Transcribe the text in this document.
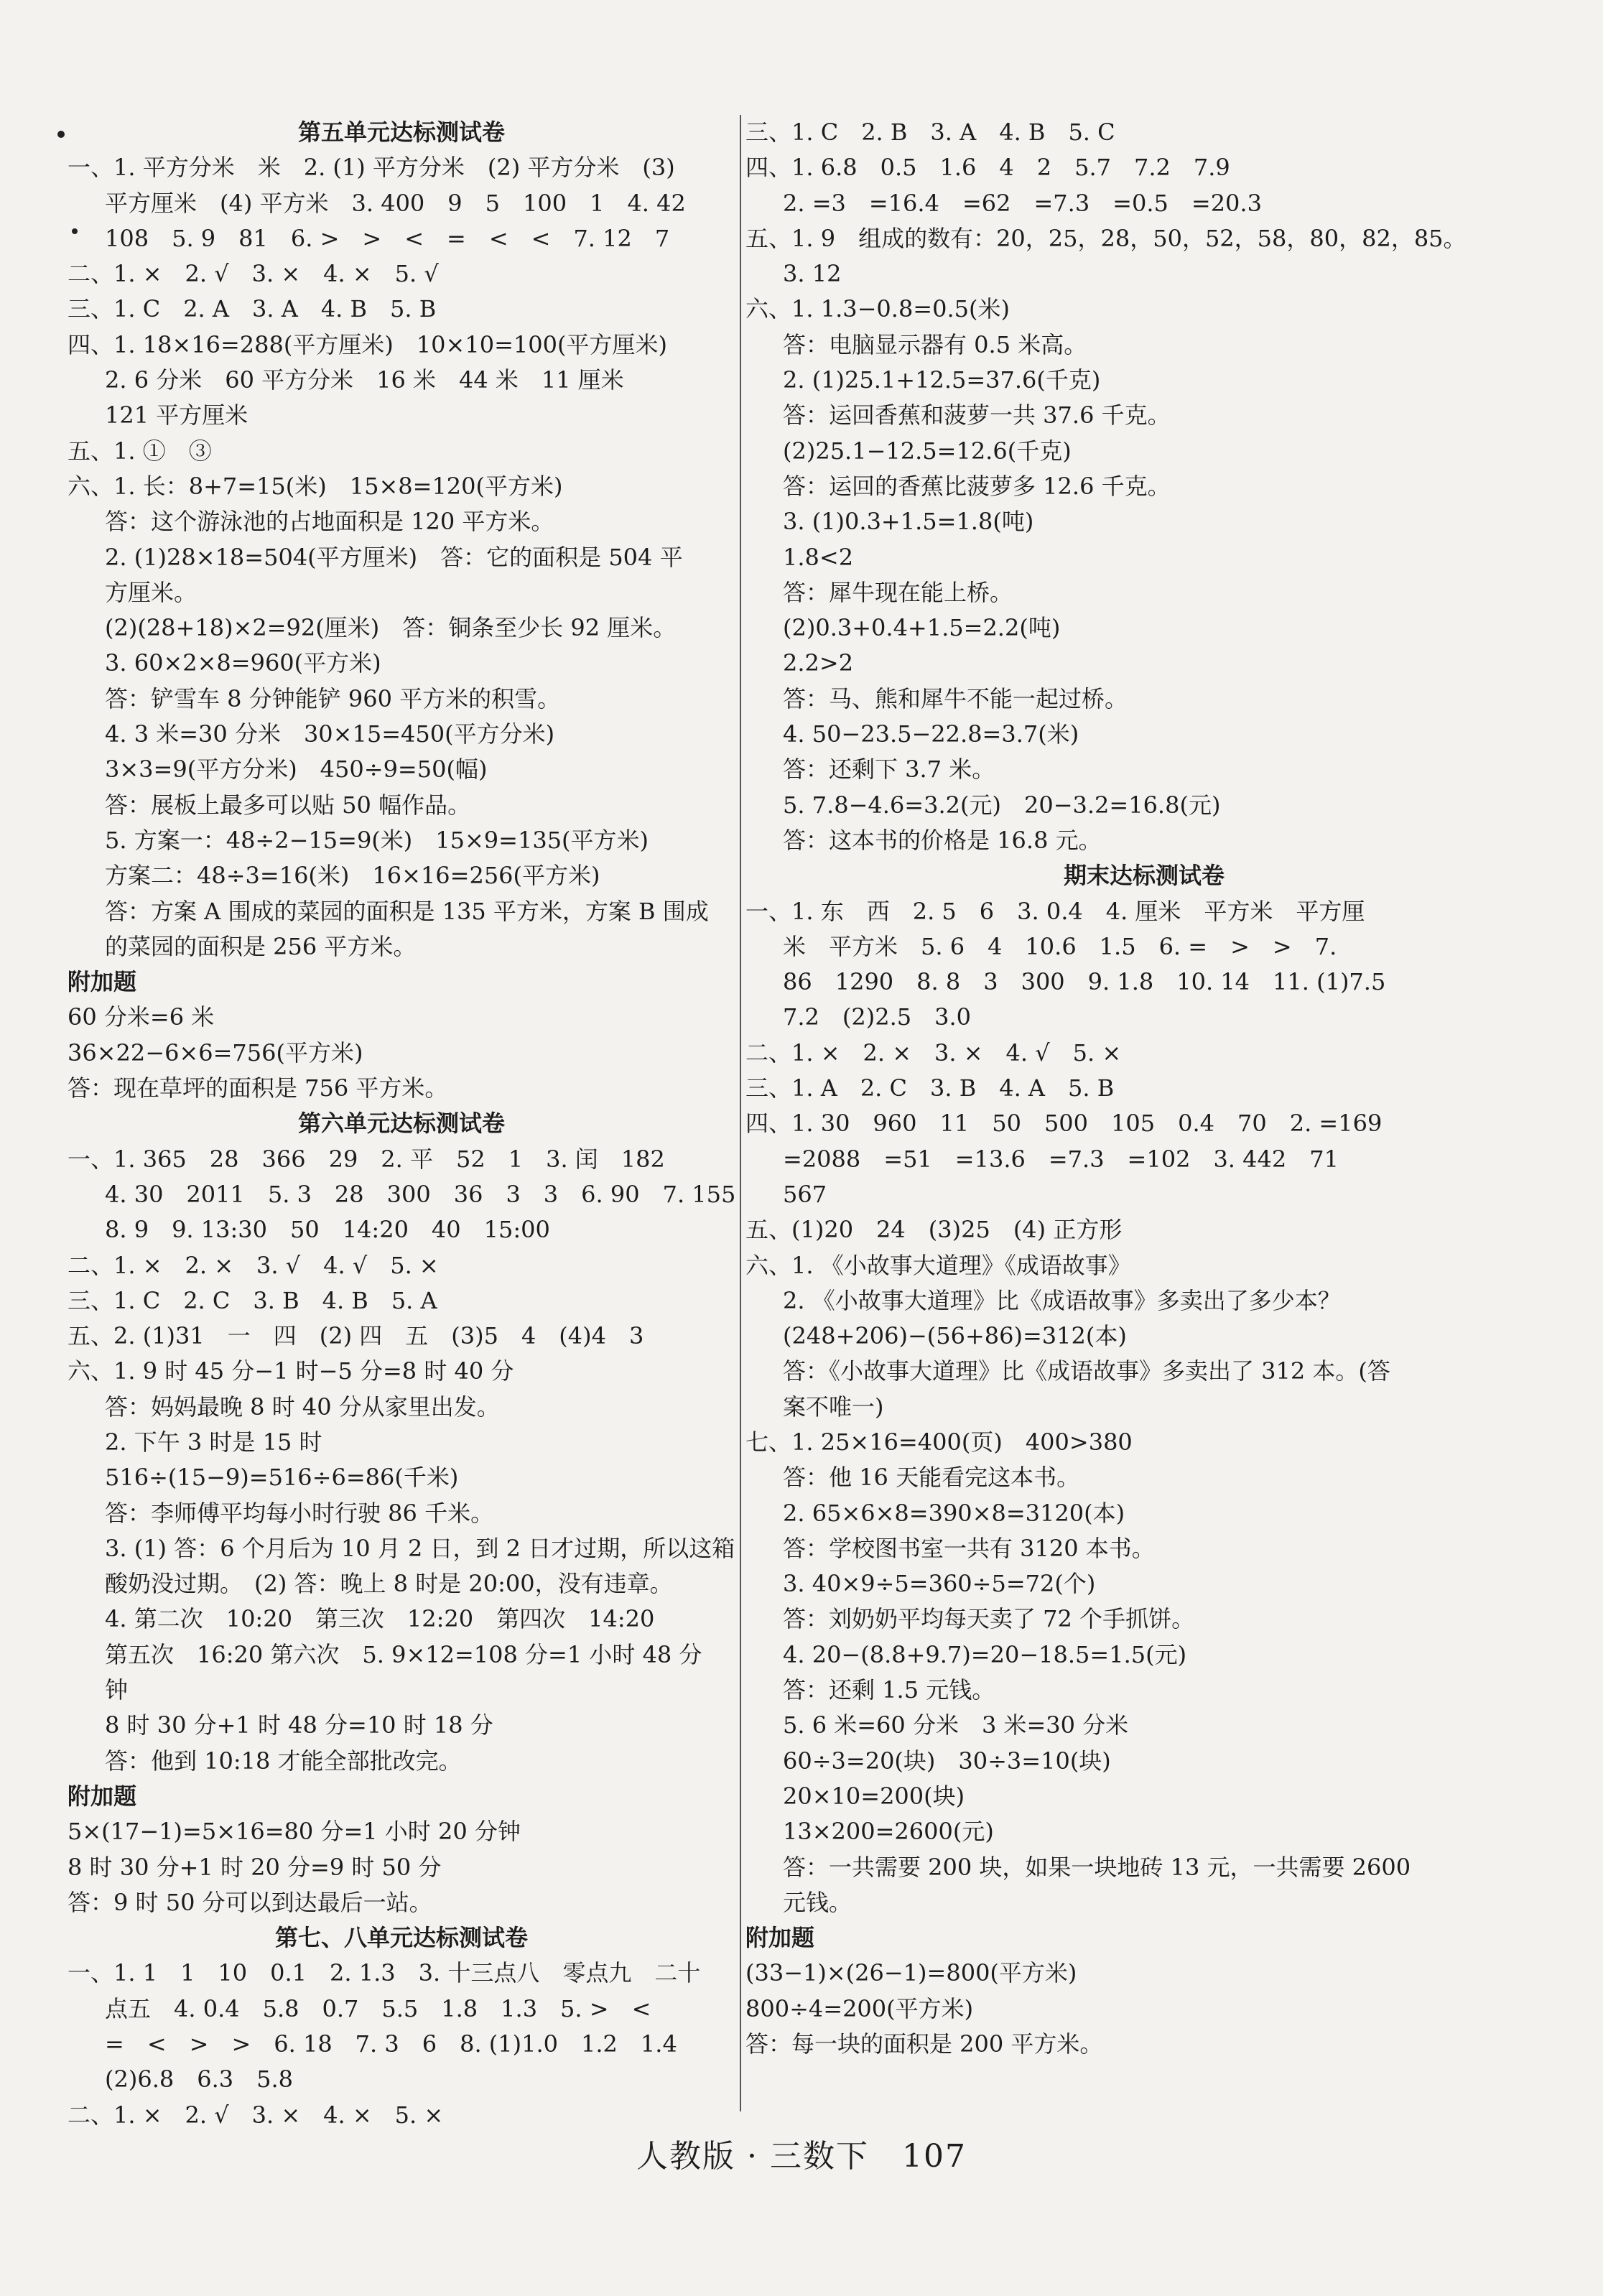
第五单元达标测试卷
一、1. 平方分米　米　2. (1) 平方分米　(2) 平方分米　(3)
平方厘米　(4) 平方米　3. 400　9　5　100　1　4. 42
108　5. 9　81　6. >　>　<　=　<　<　7. 12　7
二、1. ×　2. √　3. ×　4. ×　5. √
三、1. C　2. A　3. A　4. B　5. B
四、1. 18×16=288(平方厘米)　10×10=100(平方厘米)
2. 6 分米　60 平方分米　16 米　44 米　11 厘米
121 平方厘米
五、1. ①　③
六、1. 长：8+7=15(米)　15×8=120(平方米)
答：这个游泳池的占地面积是 120 平方米。
2. (1)28×18=504(平方厘米)　答：它的面积是 504 平
方厘米。
(2)(28+18)×2=92(厘米)　答：铜条至少长 92 厘米。
3. 60×2×8=960(平方米)
答：铲雪车 8 分钟能铲 960 平方米的积雪。
4. 3 米=30 分米　30×15=450(平方分米)
3×3=9(平方分米)　450÷9=50(幅)
答：展板上最多可以贴 50 幅作品。
5. 方案一：48÷2−15=9(米)　15×9=135(平方米)
方案二：48÷3=16(米)　16×16=256(平方米)
答：方案 A 围成的菜园的面积是 135 平方米，方案 B 围成
的菜园的面积是 256 平方米。
附加题
60 分米=6 米
36×22−6×6=756(平方米)
答：现在草坪的面积是 756 平方米。
第六单元达标测试卷
一、1. 365　28　366　29　2. 平　52　1　3. 闰　182
4. 30　2011　5. 3　28　300　36　3　3　6. 90　7. 155
8. 9　9. 13:30　50　14:20　40　15:00
二、1. ×　2. ×　3. √　4. √　5. ×
三、1. C　2. C　3. B　4. B　5. A
五、2. (1)31　一　四　(2) 四　五　(3)5　4　(4)4　3
六、1. 9 时 45 分−1 时−5 分=8 时 40 分
答：妈妈最晚 8 时 40 分从家里出发。
2. 下午 3 时是 15 时
516÷(15−9)=516÷6=86(千米)
答：李师傅平均每小时行驶 86 千米。
3. (1) 答：6 个月后为 10 月 2 日，到 2 日才过期，所以这箱
酸奶没过期。　(2) 答：晚上 8 时是 20:00，没有违章。
4. 第二次　10:20　第三次　12:20　第四次　14:20
第五次　16:20 第六次　5. 9×12=108 分=1 小时 48 分
钟
8 时 30 分+1 时 48 分=10 时 18 分
答：他到 10:18 才能全部批改完。
附加题
5×(17−1)=5×16=80 分=1 小时 20 分钟
8 时 30 分+1 时 20 分=9 时 50 分
答：9 时 50 分可以到达最后一站。
第七、八单元达标测试卷
一、1. 1　1　10　0.1　2. 1.3　3. 十三点八　零点九　二十
点五　4. 0.4　5.8　0.7　5.5　1.8　1.3　5. >　<
=　<　>　>　6. 18　7. 3　6　8. (1)1.0　1.2　1.4
(2)6.8　6.3　5.8
二、1. ×　2. √　3. ×　4. ×　5. ×
三、1. C　2. B　3. A　4. B　5. C
四、1. 6.8　0.5　1.6　4　2　5.7　7.2　7.9
2. =3　=16.4　=62　=7.3　=0.5　=20.3
五、1. 9　组成的数有：20，25，28，50，52，58，80，82，85。
3. 12
六、1. 1.3−0.8=0.5(米)
答：电脑显示器有 0.5 米高。
2. (1)25.1+12.5=37.6(千克)
答：运回香蕉和菠萝一共 37.6 千克。
(2)25.1−12.5=12.6(千克)
答：运回的香蕉比菠萝多 12.6 千克。
3. (1)0.3+1.5=1.8(吨)
1.8<2
答：犀牛现在能上桥。
(2)0.3+0.4+1.5=2.2(吨)
2.2>2
答：马、熊和犀牛不能一起过桥。
4. 50−23.5−22.8=3.7(米)
答：还剩下 3.7 米。
5. 7.8−4.6=3.2(元)　20−3.2=16.8(元)
答：这本书的价格是 16.8 元。
期末达标测试卷
一、1. 东　西　2. 5　6　3. 0.4　4. 厘米　平方米　平方厘
米　平方米　5. 6　4　10.6　1.5　6. =　>　>　7.
86　1290　8. 8　3　300　9. 1.8　10. 14　11. (1)7.5
7.2　(2)2.5　3.0
二、1. ×　2. ×　3. ×　4. √　5. ×
三、1. A　2. C　3. B　4. A　5. B
四、1. 30　960　11　50　500　105　0.4　70　2. =169
=2088　=51　=13.6　=7.3　=102　3. 442　71
567
五、(1)20　24　(3)25　(4) 正方形
六、1. 《小故事大道理》《成语故事》
2. 《小故事大道理》比《成语故事》多卖出了多少本？
(248+206)−(56+86)=312(本)
答：《小故事大道理》比《成语故事》多卖出了 312 本。(答
案不唯一)
七、1. 25×16=400(页)　400>380
答：他 16 天能看完这本书。
2. 65×6×8=390×8=3120(本)
答：学校图书室一共有 3120 本书。
3. 40×9÷5=360÷5=72(个)
答：刘奶奶平均每天卖了 72 个手抓饼。
4. 20−(8.8+9.7)=20−18.5=1.5(元)
答：还剩 1.5 元钱。
5. 6 米=60 分米　3 米=30 分米
60÷3=20(块)　30÷3=10(块)
20×10=200(块)
13×200=2600(元)
答：一共需要 200 块，如果一块地砖 13 元，一共需要 2600
元钱。
附加题
(33−1)×(26−1)=800(平方米)
800÷4=200(平方米)
答：每一块的面积是 200 平方米。
人教版 · 三数下　107
